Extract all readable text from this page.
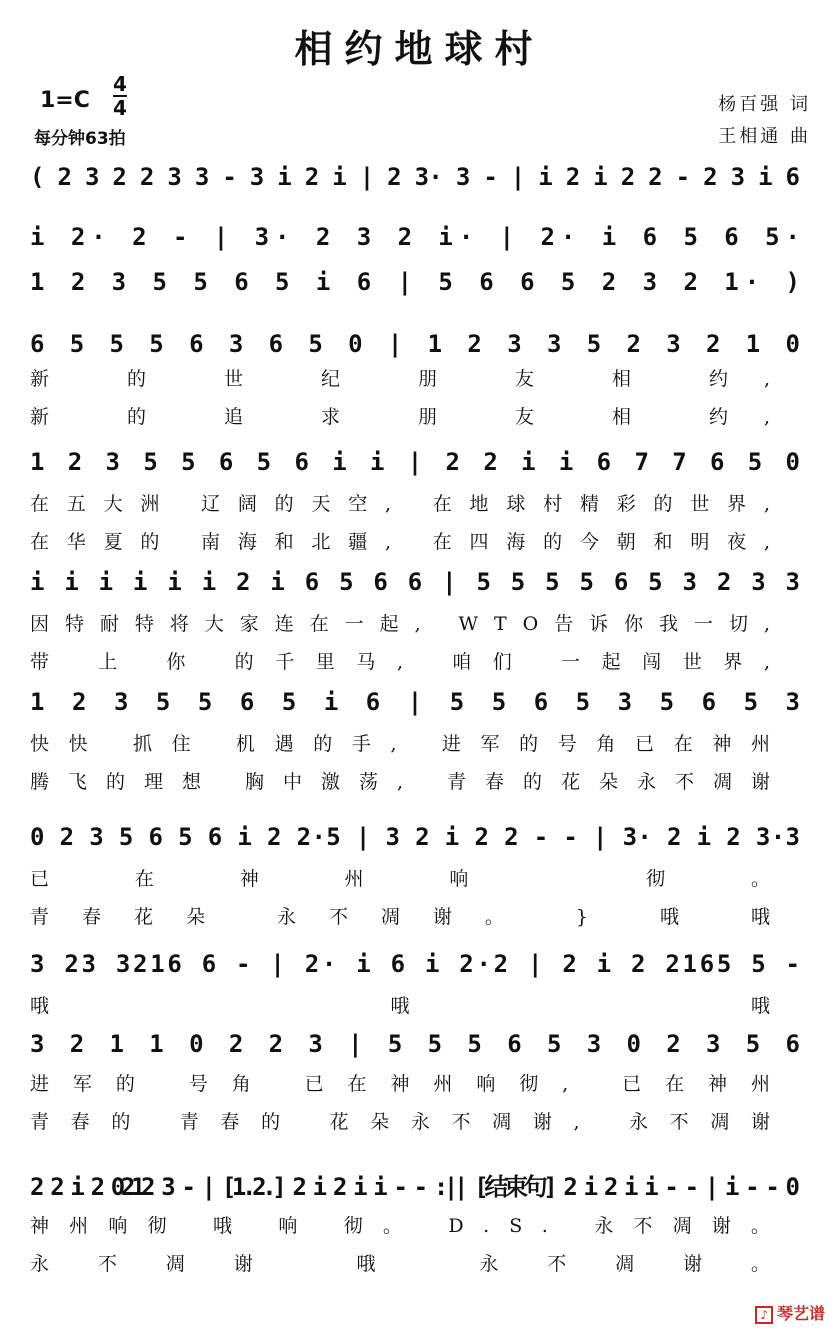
相约地球村
1=C
4
4
每分钟63拍
杨百强 词
王相通 曲
( 2 3 2 2 3 3 - 3 i 2 i | 2 3· 3 - | i 2 i 2 2 - 2 3 i 6
i 2· 2 - | 3· 2 3 2 i· | 2· i 6 5 6 5·
1 2 3 5 5 6 5 i 6 | 5 6 6 5 2 3 2 1· )
6 5 5 5 6 3 6 5 0 | 1 2 3 3 5 2 3 2 1 0
新 的 世 纪 朋 友 相 约,
新 的 追 求 朋 友 相 约,
1 2 3 5 5 6 5 6 i i | 2 2 i i 6 7 7 6 5 0
在五大洲 辽阔的天空, 在地球村精彩的世界,
在华夏的 南海和北疆, 在四海的今朝和明夜,
i i i i i i 2 i 6 5 6 6 | 5 5 5 5 6 5 3 2 3 3
因特耐特将大家连在一起, WTO告诉你我一切,
带 上 你 的千里马, 咱们 一起闯世界,
1 2 3 5 5 6 5 i 6 | 5 5 6 5 3 5 6 5 3
快快 抓住 机遇的手, 进军的号角已在神州
腾飞的理想 胸中激荡, 青春的花朵永不凋谢
0 2 3 5 6 5 6 i 2 2·5 | 3 2 i 2 2 - - | 3· 2 i 2 3·3
已在神州响 彻。
青春花朵 永不凋谢。 } 哦 哦
3 23 3216 6 - | 2· i 6 i 2·2 | 2 i 2 2165 5 -
哦 哦 哦
3 2 1 1 0 2 2 3 | 5 5 5 6 5 3 0 2 3 5 6
进军的 号角 已在神州响彻, 已在神州
青春的 青春的 花朵永不凋谢, 永不凋谢
2 2 i 2 0212 3 - | [1.2.] 2 i 2 i i - - :|| [结束句] 2 i 2 i i - - | i - - 0
神州响彻 哦 响 彻。 D.S. 永不凋谢。
永不凋谢 哦 永不凋谢。
♪ 琴艺谱
